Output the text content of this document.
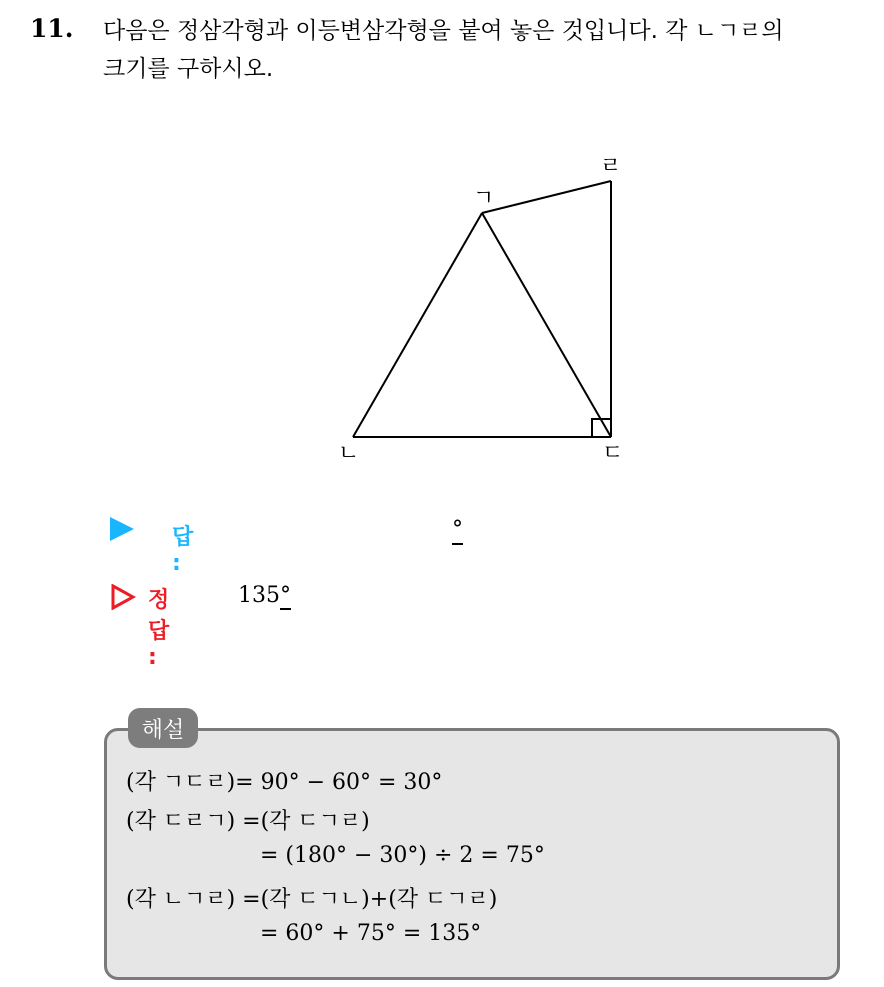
11. 다음은 정삼각형과 이등변삼각형을 붙여 놓은 것입니다. 각 ㄴㄱㄹ의
크기를 구하시오.
ㄱ
ㄹ
ㄴ	ㄷ
답 :
°
정답 :
135°
해설
(각 ㄱㄷㄹ)= 90° − 60° = 30°
(각 ㄷㄹㄱ) =(각 ㄷㄱㄹ)
= (180° − 30°) ÷ 2 = 75°
(각 ㄴㄱㄹ) =(각 ㄷㄱㄴ)+(각 ㄷㄱㄹ)
= 60° + 75° = 135°
